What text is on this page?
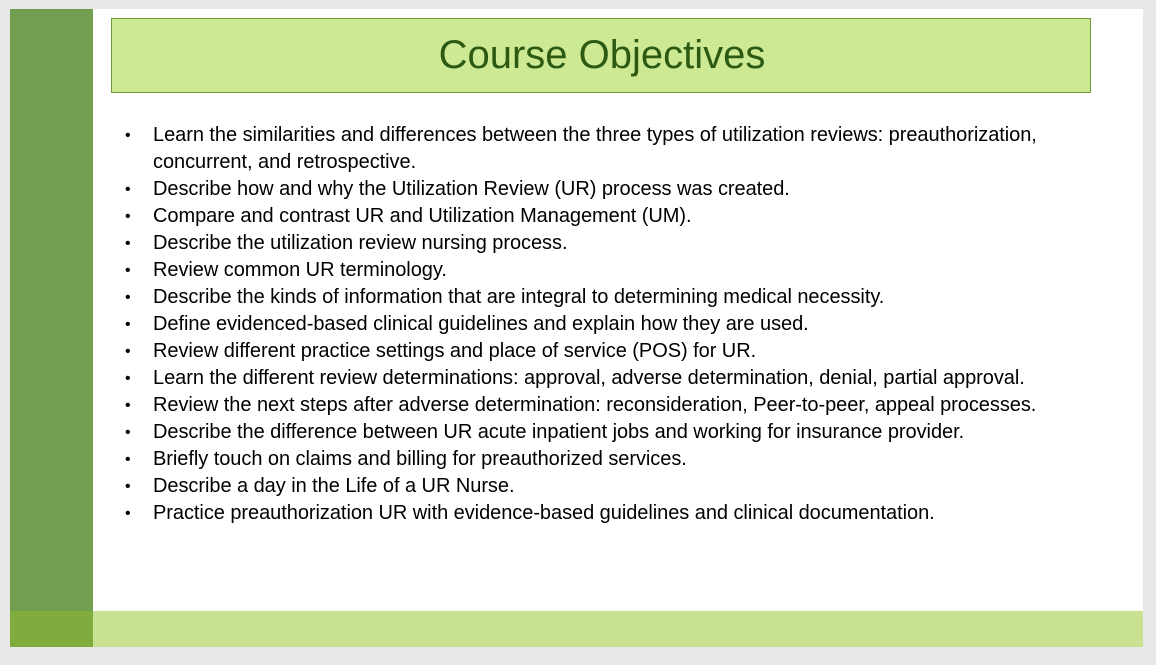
Course Objectives
• Learn the similarities and differences between the three types of utilization reviews: preauthorization, concurrent, and retrospective.
• Describe how and why the Utilization Review (UR) process was created.
• Compare and contrast UR and Utilization Management (UM).
• Describe the utilization review nursing process.
• Review common UR terminology.
• Describe the kinds of information that are integral to determining medical necessity.
• Define evidenced-based clinical guidelines and explain how they are used.
• Review different practice settings and place of service (POS) for UR.
• Learn the different review determinations: approval, adverse determination, denial, partial approval.
• Review the next steps after adverse determination: reconsideration, Peer-to-peer, appeal processes.
• Describe the difference between UR acute inpatient jobs and working for insurance provider.
• Briefly touch on claims and billing for preauthorized services.
• Describe a day in the Life of a UR Nurse.
• Practice preauthorization UR with evidence-based guidelines and clinical documentation.
